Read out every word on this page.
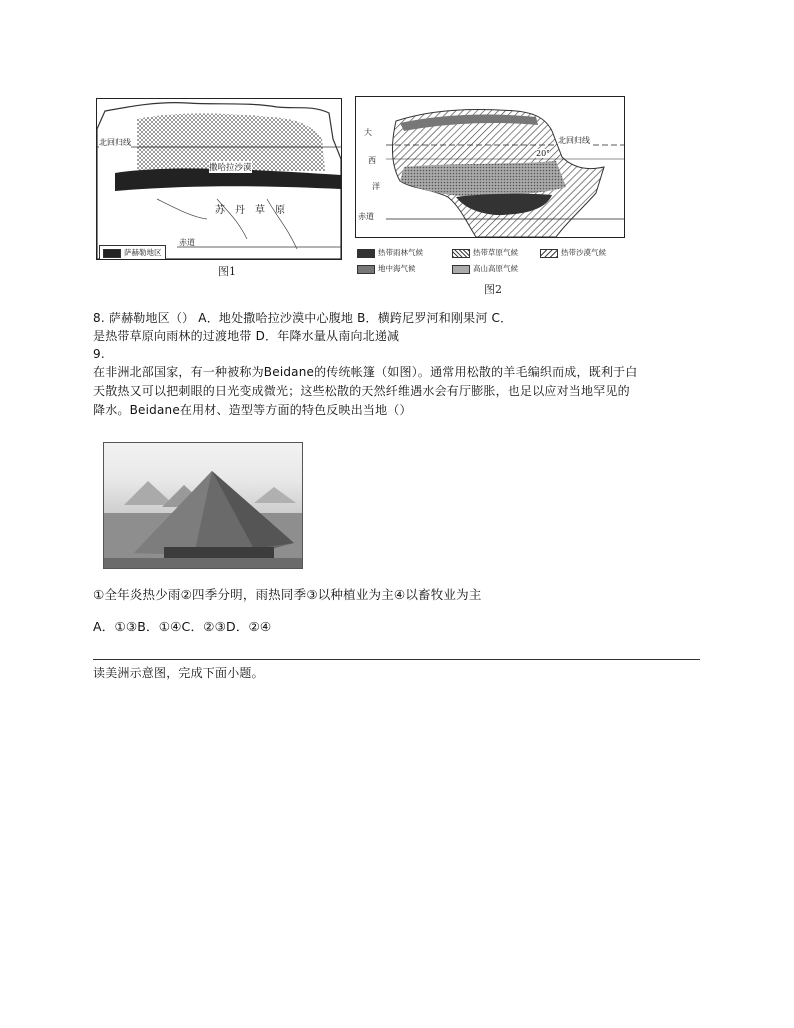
北回归线
撒哈拉沙漠
苏　丹　草　原
赤道
萨赫勒地区
图1
大
西
洋
北回归线
20°
赤道
热带雨林气候	热带草原气候	热带沙漠气候
地中海气候	高山高原气候
图2
8. 萨赫勒地区（） A．地处撒哈拉沙漠中心腹地 B．横跨尼罗河和刚果河 C．
是热带草原向雨林的过渡地带 D．年降水量从南向北递减
9.
在非洲北部国家，有一种被称为Beidane的传统帐篷（如图）。通常用松散的羊毛编织而成，既利于白
天散热又可以把刺眼的日光变成微光；这些松散的天然纤维遇水会有厅膨胀，也足以应对当地罕见的
降水。Beidane在用材、造型等方面的特色反映出当地（）
①全年炎热少雨②四季分明，雨热同季③以种植业为主④以畜牧业为主
A．①③B．①④C．②③D．②④
读美洲示意图，完成下面小题。
